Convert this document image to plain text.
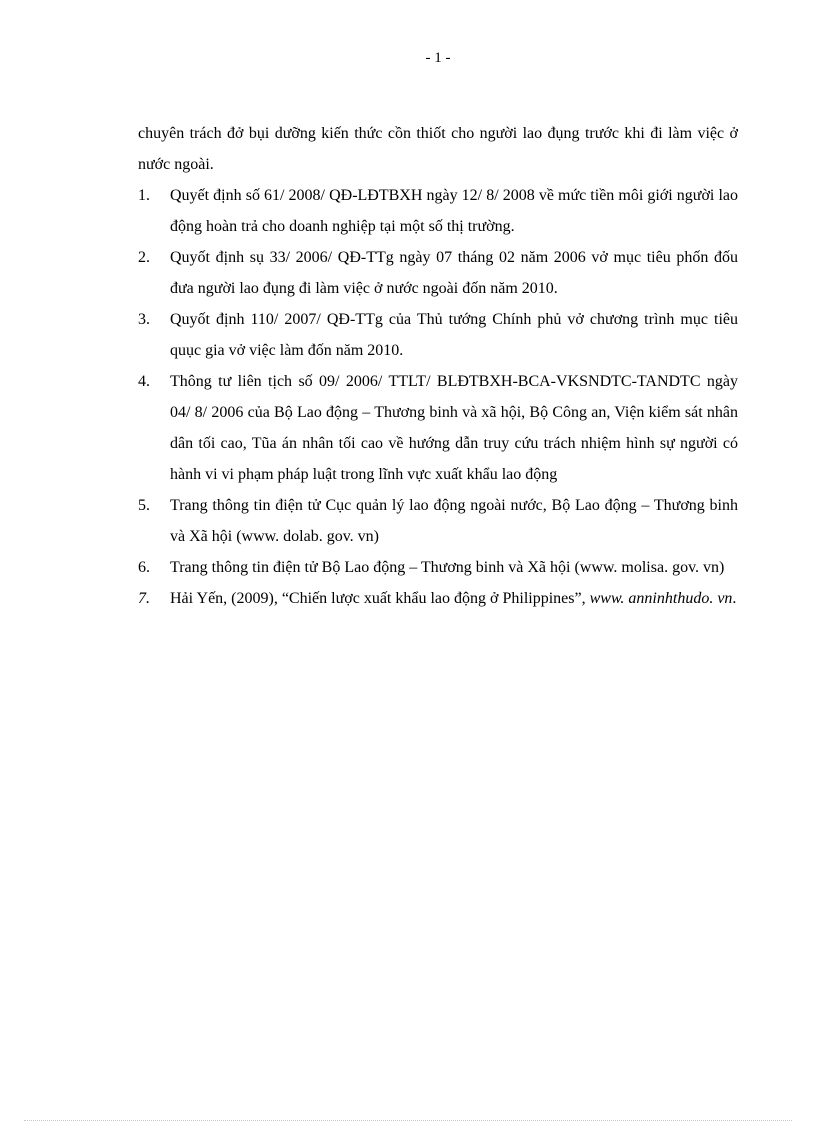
- 1 -

chuyên trách đở bụi dưỡng kiến thức cồn thiốt cho người lao đụng trước khi đi làm việc ở nước ngoài.

1. Quyết định số 61/ 2008/ QĐ-LĐTBXH ngày 12/ 8/ 2008 về mức tiền môi giới người lao động hoàn trả cho doanh nghiệp tại một số thị trường.
2. Quyốt định sụ 33/ 2006/ QĐ-TTg ngày 07 tháng 02 năm 2006 vở mục tiêu phốn đốu đưa người lao đụng đi làm việc ở nước ngoài đốn năm 2010.
3. Quyốt định 110/ 2007/ QĐ-TTg của Thủ tướng Chính phủ vở chương trình mục tiêu quục gia vở việc làm đốn năm 2010.
4. Thông tư liên tịch số 09/ 2006/ TTLT/ BLĐTBXH-BCA-VKSNDTC-TANDTC ngày 04/ 8/ 2006 của Bộ Lao động – Thương binh và xã hội, Bộ Công an, Viện kiểm sát nhân dân tối cao, Tũa án nhân tối cao về hướng dẫn truy cứu trách nhiệm hình sự người có hành vi vi phạm pháp luật trong lĩnh vực xuất khẩu lao động
5. Trang thông tin điện tử Cục quản lý lao động ngoài nước, Bộ Lao động – Thương binh và Xã hội (www. dolab. gov. vn)
6. Trang thông tin điện tử Bộ Lao động – Thương binh và Xã hội (www. molisa. gov. vn)
7. Hải Yến, (2009), “Chiến lược xuất khẩu lao động ở Philippines”, www. anninhthudo. vn.
